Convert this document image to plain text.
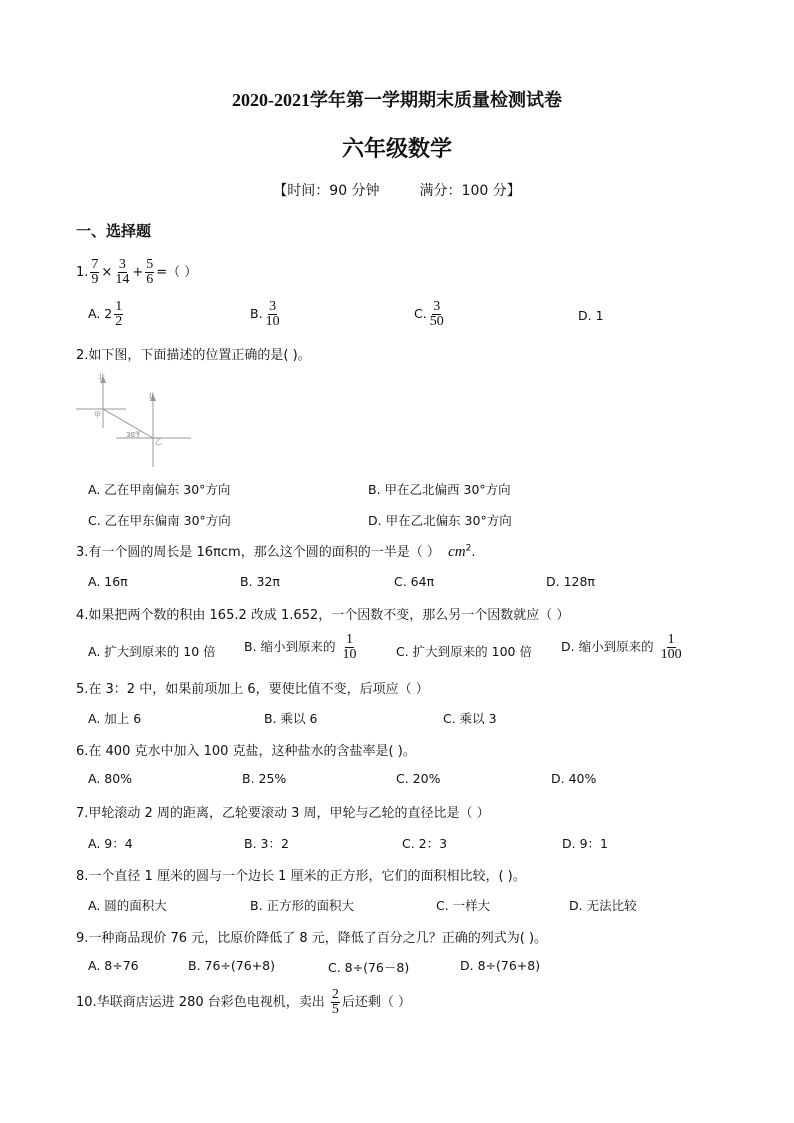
2020-2021学年第一学期期末质量检测试卷
六年级数学
【时间：90 分钟	满分：100 分】
一、选择题
1. $\frac{7}{9} \times \frac{3}{14} + \frac{5}{6}$ =（ ）
A. $2 \frac{1}{2}$	B. $\frac{3}{10}$	C. $\frac{3}{50}$	D. 1
2.如下图，下面描述的位置正确的是( )。
北
北
甲
乙
30°
A. 乙在甲南偏东 30°方向	B. 甲在乙北偏西 30°方向
C. 乙在甲东偏南 30°方向	D. 甲在乙北偏东 30°方向
3.有一个圆的周长是 16πcm，那么这个圆的面积的一半是（ ） $cm^2$.
A. 16π	B. 32π	C. 64π	D. 128π
4.如果把两个数的积由 165.2 改成 1.652，一个因数不变，那么另一个因数就应（ ）
A. 扩大到原来的 10 倍 B. 缩小到原来的 $\frac{1}{10}$	C. 扩大到原来的 100 倍 D. 缩小到原来的 $\frac{1}{100}$
5.在 3：2 中，如果前项加上 6，要使比值不变，后项应（ ）
A. 加上 6	B. 乘以 6	C. 乘以 3
6.在 400 克水中加入 100 克盐，这种盐水的含盐率是( )。
A. 80%	B. 25%	C. 20%	D. 40%
7.甲轮滚动 2 周的距离，乙轮要滚动 3 周，甲轮与乙轮的直径比是（ ）
A. 9：4	B. 3：2	C. 2：3	D. 9：1
8.一个直径 1 厘米的圆与一个边长 1 厘米的正方形，它们的面积相比较，( )。
A. 圆的面积大	B. 正方形的面积大	C. 一样大	D. 无法比较
9.一种商品现价 76 元，比原价降低了 8 元，降低了百分之几？正确的列式为( )。
A. 8÷76	B. 76÷(76+8)	C. 8÷(76－8)	D. 8÷(76+8)
10.华联商店运进 280 台彩色电视机，卖出 $\frac{2}{5}$ 后还剩（ ）
